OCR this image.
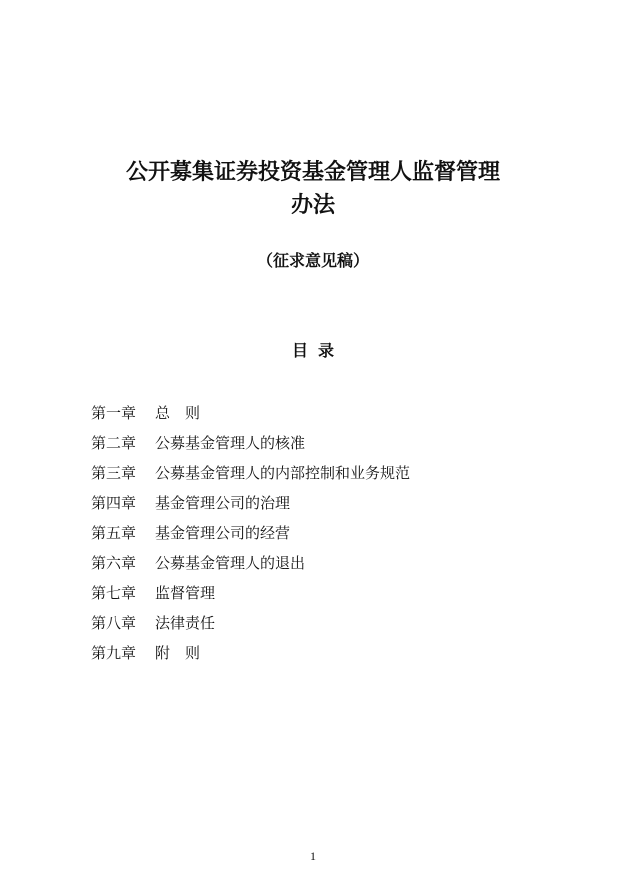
公开募集证券投资基金管理人监督管理
办法
（征求意见稿）
目录
第一章	总　则
第二章	公募基金管理人的核准
第三章	公募基金管理人的内部控制和业务规范
第四章	基金管理公司的治理
第五章	基金管理公司的经营
第六章	公募基金管理人的退出
第七章	监督管理
第八章	法律责任
第九章	附　则
1
